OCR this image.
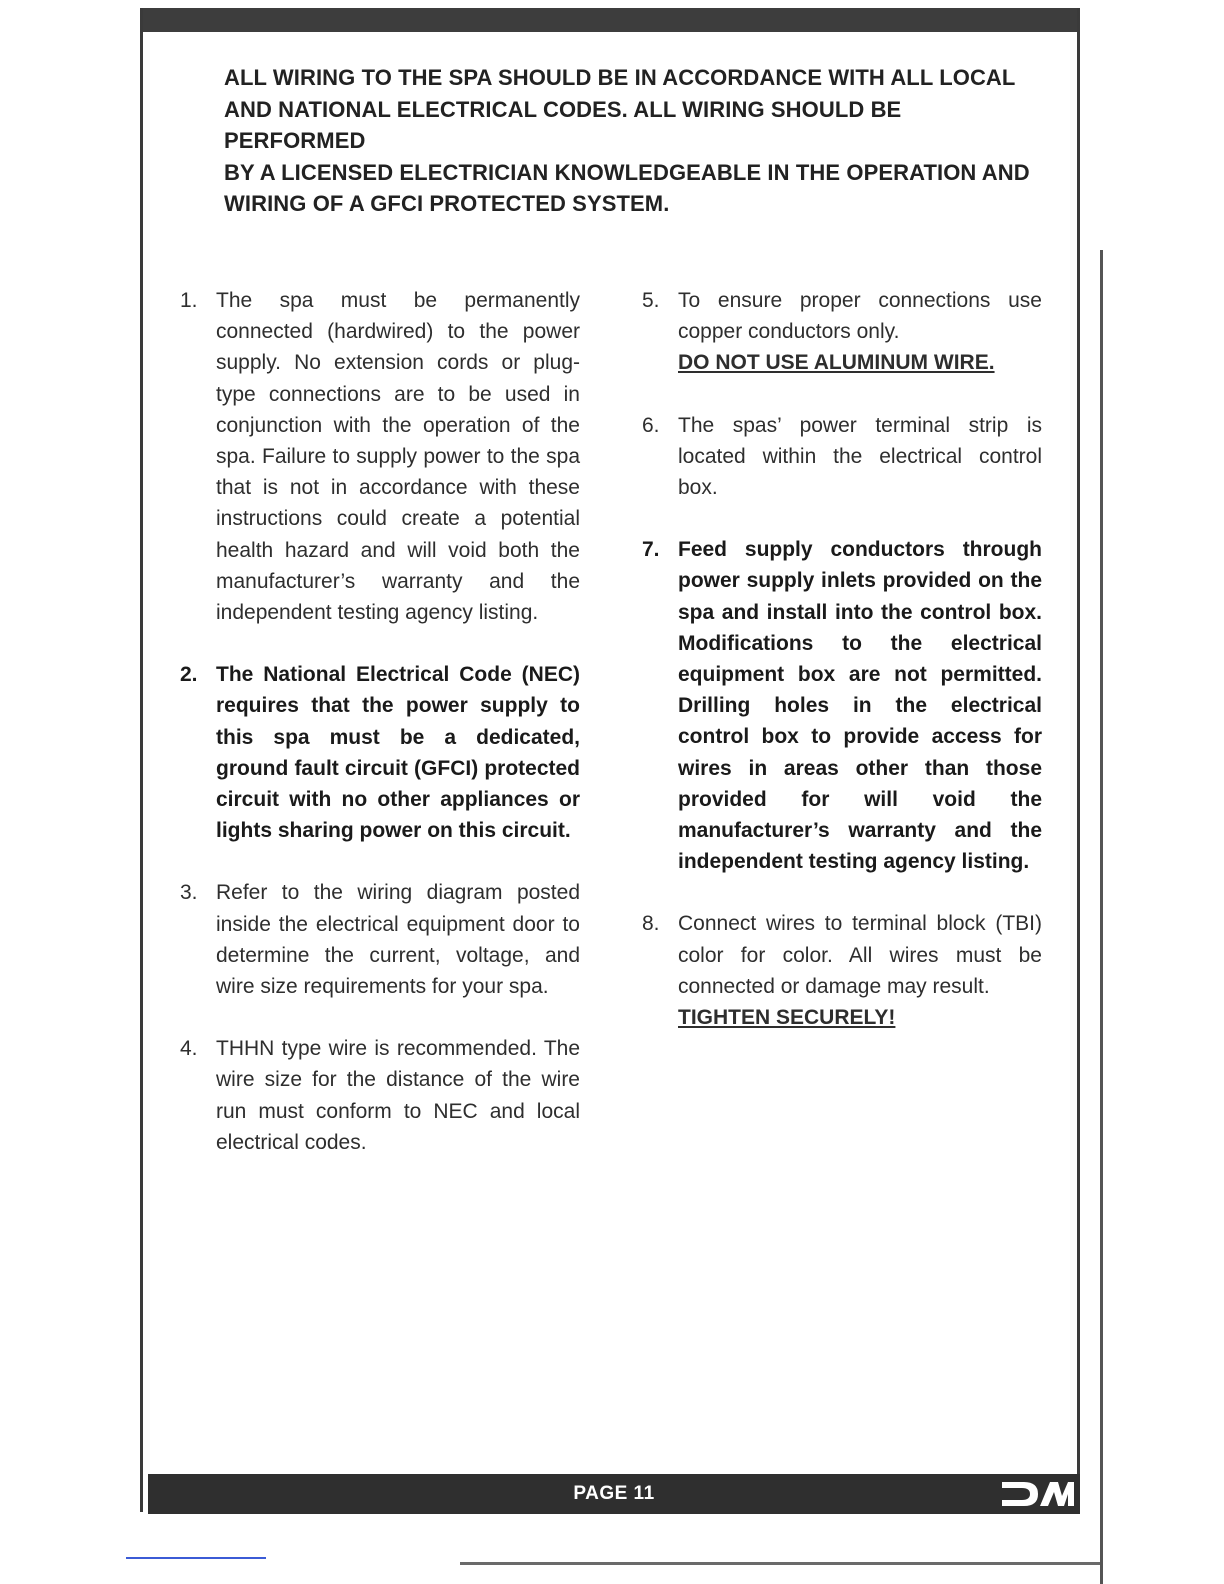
ALL WIRING TO THE SPA SHOULD BE IN ACCORDANCE WITH ALL LOCAL
AND NATIONAL ELECTRICAL CODES. ALL WIRING SHOULD BE PERFORMED
BY A LICENSED ELECTRICIAN KNOWLEDGEABLE IN THE OPERATION AND
WIRING OF A GFCI PROTECTED SYSTEM.
1. The spa must be permanently connected (hardwired) to the power supply. No extension cords or plug-type connections are to be used in conjunction with the operation of the spa. Failure to supply power to the spa that is not in accordance with these instructions could create a potential health hazard and will void both the manufacturer’s warranty and the independent testing agency listing.
2. The National Electrical Code (NEC) requires that the power supply to this spa must be a dedicated, ground fault circuit (GFCI) protected circuit with no other appliances or lights sharing power on this circuit.
3. Refer to the wiring diagram posted inside the electrical equipment door to determine the current, voltage, and wire size requirements for your spa.
4. THHN type wire is recommended. The wire size for the distance of the wire run must conform to NEC and local electrical codes.
5. To ensure proper connections use copper conductors only.
DO NOT USE ALUMINUM WIRE.
6. The spas’ power terminal strip is located within the electrical control box.
7. Feed supply conductors through power supply inlets provided on the spa and install into the control box. Modifications to the electrical equipment box are not permitted. Drilling holes in the electrical control box to provide access for wires in areas other than those provided for will void the manufacturer’s warranty and the independent testing agency listing.
8. Connect wires to terminal block (TBI) color for color. All wires must be connected or damage may result.
TIGHTEN SECURELY!
PAGE 11
